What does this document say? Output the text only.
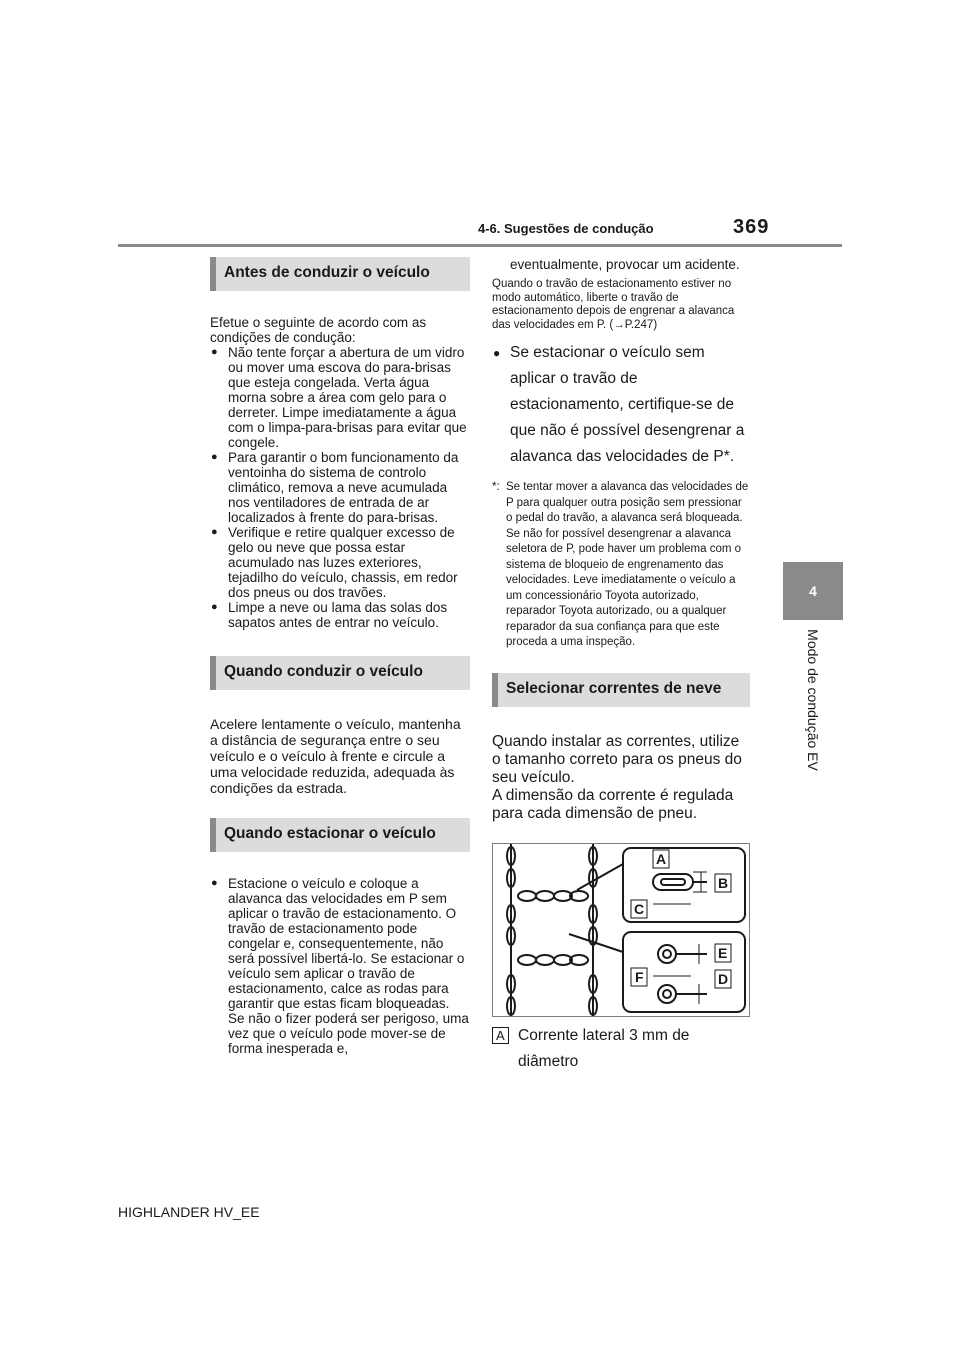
4-6. Sugestões de condução	369
4
Modo de condução EV
Antes de conduzir o veículo
Efetue o seguinte de acordo com as condições de condução:
● Não tente forçar a abertura de um vidro ou mover uma escova do para-brisas que esteja congelada. Verta água morna sobre a área com gelo para o derreter. Limpe imediatamente a água com o limpa-para-brisas para evitar que congele.
● Para garantir o bom funcionamento da ventoinha do sistema de controlo climático, remova a neve acumulada nos ventiladores de entrada de ar localizados à frente do para-brisas.
● Verifique e retire qualquer excesso de gelo ou neve que possa estar acumulado nas luzes exteriores, tejadilho do veículo, chassis, em redor dos pneus ou dos travões.
● Limpe a neve ou lama das solas dos sapatos antes de entrar no veículo.
Quando conduzir o veículo
Acelere lentamente o veículo, mantenha a distância de segurança entre o seu veículo e o veículo à frente e circule a uma velocidade reduzida, adequada às condições da estrada.
Quando estacionar o veículo
● Estacione o veículo e coloque a alavanca das velocidades em P sem aplicar o travão de estacionamento. O travão de estacionamento pode congelar e, consequentemente, não será possível libertá-lo. Se estacionar o veículo sem aplicar o travão de estacionamento, calce as rodas para garantir que estas ficam bloqueadas.
Se não o fizer poderá ser perigoso, uma vez que o veículo pode mover-se de forma inesperada e,
eventualmente, provocar um acidente.
Quando o travão de estacionamento estiver no modo automático, liberte o travão de estacionamento depois de engrenar a alavanca das velocidades em P. (→P.247)
● Se estacionar o veículo sem aplicar o travão de estacionamento, certifique-se de que não é possível desengrenar a alavanca das velocidades de P*.
*: Se tentar mover a alavanca das velocidades de P para qualquer outra posição sem pressionar o pedal do travão, a alavanca será bloqueada. Se não for possível desengrenar a alavanca seletora de P, pode haver um problema com o sistema de bloqueio de engrenamento das velocidades. Leve imediatamente o veículo a um concessionário Toyota autorizado, reparador Toyota autorizado, ou a qualquer reparador da sua confiança para que este proceda a uma inspeção.
Selecionar correntes de neve
Quando instalar as correntes, utilize o tamanho correto para os pneus do seu veículo.
A dimensão da corrente é regulada para cada dimensão de pneu.
A
B
C
E
F	D
A Corrente lateral 3 mm de diâmetro
HIGHLANDER HV_EE
